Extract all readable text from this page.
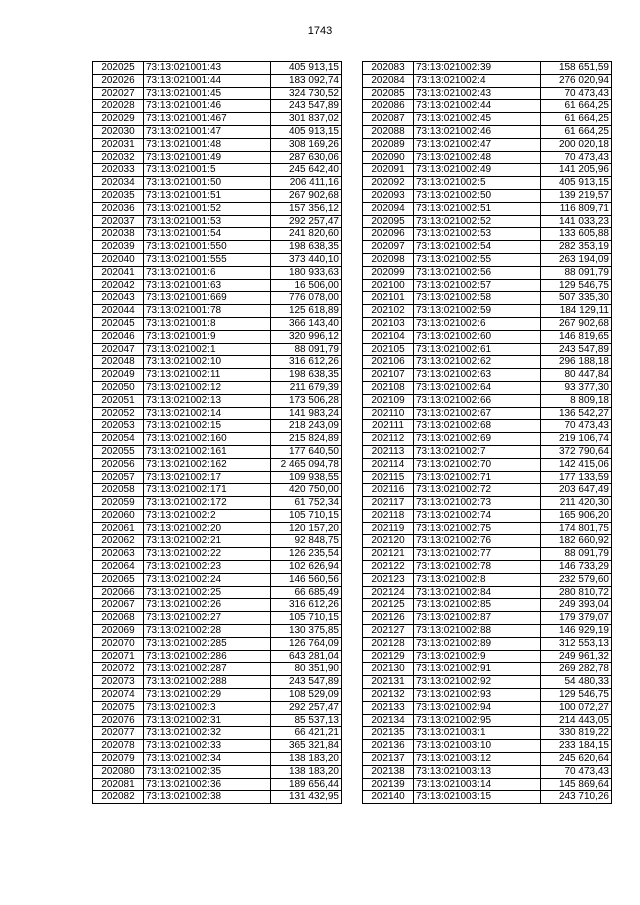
1743
202025	73:13:021001:43	405 913,15
202026	73:13:021001:44	183 092,74
202027	73:13:021001:45	324 730,52
202028	73:13:021001:46	243 547,89
202029	73:13:021001:467	301 837,02
202030	73:13:021001:47	405 913,15
202031	73:13:021001:48	308 169,26
202032	73:13:021001:49	287 630,06
202033	73:13:021001:5	245 642,40
202034	73:13:021001:50	206 411,16
202035	73:13:021001:51	267 902,68
202036	73:13:021001:52	157 356,12
202037	73:13:021001:53	292 257,47
202038	73:13:021001:54	241 820,60
202039	73:13:021001:550	198 638,35
202040	73:13:021001:555	373 440,10
202041	73:13:021001:6	180 933,63
202042	73:13:021001:63	16 506,00
202043	73:13:021001:669	776 078,00
202044	73:13:021001:78	125 618,89
202045	73:13:021001:8	366 143,40
202046	73:13:021001:9	320 996,12
202047	73:13:021002:1	88 091,79
202048	73:13:021002:10	316 612,26
202049	73:13:021002:11	198 638,35
202050	73:13:021002:12	211 679,39
202051	73:13:021002:13	173 506,28
202052	73:13:021002:14	141 983,24
202053	73:13:021002:15	218 243,09
202054	73:13:021002:160	215 824,89
202055	73:13:021002:161	177 640,50
202056	73:13:021002:162	2 465 094,78
202057	73:13:021002:17	109 938,55
202058	73:13:021002:171	420 750,00
202059	73:13:021002:172	61 752,34
202060	73:13:021002:2	105 710,15
202061	73:13:021002:20	120 157,20
202062	73:13:021002:21	92 848,75
202063	73:13:021002:22	126 235,54
202064	73:13:021002:23	102 626,94
202065	73:13:021002:24	146 560,56
202066	73:13:021002:25	66 685,49
202067	73:13:021002:26	316 612,26
202068	73:13:021002:27	105 710,15
202069	73:13:021002:28	130 375,85
202070	73:13:021002:285	126 764,09
202071	73:13:021002:286	643 281,04
202072	73:13:021002:287	80 351,90
202073	73:13:021002:288	243 547,89
202074	73:13:021002:29	108 529,09
202075	73:13:021002:3	292 257,47
202076	73:13:021002:31	85 537,13
202077	73:13:021002:32	66 421,21
202078	73:13:021002:33	365 321,84
202079	73:13:021002:34	138 183,20
202080	73:13:021002:35	138 183,20
202081	73:13:021002:36	189 656,44
202082	73:13:021002:38	131 432,95
202083	73:13:021002:39	158 651,59
202084	73:13:021002:4	276 020,94
202085	73:13:021002:43	70 473,43
202086	73:13:021002:44	61 664,25
202087	73:13:021002:45	61 664,25
202088	73:13:021002:46	61 664,25
202089	73:13:021002:47	200 020,18
202090	73:13:021002:48	70 473,43
202091	73:13:021002:49	141 205,96
202092	73:13:021002:5	405 913,15
202093	73:13:021002:50	139 219,57
202094	73:13:021002:51	116 809,71
202095	73:13:021002:52	141 033,23
202096	73:13:021002:53	133 605,88
202097	73:13:021002:54	282 353,19
202098	73:13:021002:55	263 194,09
202099	73:13:021002:56	88 091,79
202100	73:13:021002:57	129 546,75
202101	73:13:021002:58	507 335,30
202102	73:13:021002:59	184 129,11
202103	73:13:021002:6	267 902,68
202104	73:13:021002:60	146 819,65
202105	73:13:021002:61	243 547,89
202106	73:13:021002:62	296 188,18
202107	73:13:021002:63	80 447,84
202108	73:13:021002:64	93 377,30
202109	73:13:021002:66	8 809,18
202110	73:13:021002:67	136 542,27
202111	73:13:021002:68	70 473,43
202112	73:13:021002:69	219 106,74
202113	73:13:021002:7	372 790,64
202114	73:13:021002:70	142 415,06
202115	73:13:021002:71	177 133,59
202116	73:13:021002:72	203 647,49
202117	73:13:021002:73	211 420,30
202118	73:13:021002:74	165 906,20
202119	73:13:021002:75	174 801,75
202120	73:13:021002:76	182 660,92
202121	73:13:021002:77	88 091,79
202122	73:13:021002:78	146 733,29
202123	73:13:021002:8	232 579,60
202124	73:13:021002:84	280 810,72
202125	73:13:021002:85	249 393,04
202126	73:13:021002:87	179 379,07
202127	73:13:021002:88	146 929,19
202128	73:13:021002:89	312 553,13
202129	73:13:021002:9	249 961,32
202130	73:13:021002:91	269 282,78
202131	73:13:021002:92	54 480,33
202132	73:13:021002:93	129 546,75
202133	73:13:021002:94	100 072,27
202134	73:13:021002:95	214 443,05
202135	73:13:021003:1	330 819,22
202136	73:13:021003:10	233 184,15
202137	73:13:021003:12	245 620,64
202138	73:13:021003:13	70 473,43
202139	73:13:021003:14	145 869,64
202140	73:13:021003:15	243 710,26
